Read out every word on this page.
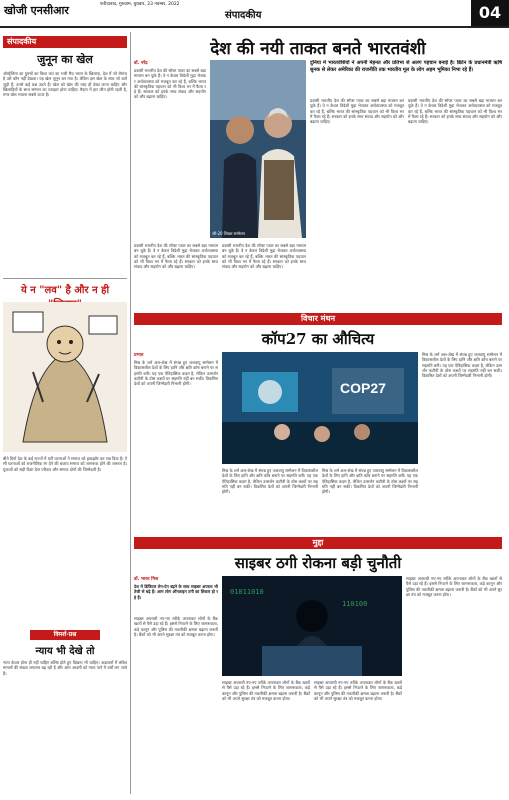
खोजी एनसीआर	फरीदाबाद, गुरुग्राम, बुधवार, 23 नवम्बर, 2022
संपादकीय	04
संपादकीय
जुनून का खेल

ऑस्ट्रेलिया का पुरुषों का विश्व कप का भारी मैच भारत के खिलाफ, देश में जो रोमांच है उसे कौन नहीं देखता। यह खेल जुनून बन गया है। लेकिन इस खेल के साथ जो बातें जुड़ी हैं, उनसे कई प्रश्न उठते हैं। खेल को खेल की तरह ही देखा जाना चाहिए और खिलाड़ियों के साथ सम्मान का व्यवहार होना चाहिए। मैदान में हार जीत होती रहती है, मगर खेल भावना सबसे ऊपर है।

ये न "लव" है और न ही

बीते दिनों देश के कई राज्यों में घटी घटनाओं ने समाज को झकझोर कर रख दिया है। ऐसी घटनाओं को राजनीतिक रंग देने की बजाय समाज को जागरूक होने की जरूरत है। युवाओं को सही दिशा देना परिवार और समाज दोनों की जिम्मेदारी है।

विमर्श-प्रश्न
न्याय भी देखे तो

न्याय केवल होना ही नहीं चाहिए बल्कि होते हुए दिखना भी चाहिए। अदालतों में लंबित मामलों की संख्या लगातार बढ़ रही है और आम आदमी को न्याय पाने में वर्षों लग जाते हैं।

देश की नयी ताकत बनते भारतवंशी
डॉ. नरेंद्र

प्रवासी भारतीय देश की सॉफ्ट पावर का सबसे बड़ा माध्यम बन चुके हैं। वे न केवल विदेशी मुद्रा भेजकर अर्थव्यवस्था को मजबूत कर रहे हैं, बल्कि भारत की सांस्कृतिक पहचान को भी विश्व भर में फैला रहे हैं। सरकार को इनके साथ संवाद और सहयोग को और बढ़ाना चाहिए।

जी-20 शिखर सम्मेलन

दुनिया में भारतवंशियों ने अपनी मेहनत और प्रतिभा से अलग पहचान बनाई है। ब्रिटेन के प्रधानमंत्री ऋषि सुनक से लेकर अमेरिका की राजनीति तक भारतीय मूल के लोग अहम भूमिका निभा रहे हैं।

प्रवासी भारतीय देश की सॉफ्ट पावर का सबसे बड़ा माध्यम बन चुके हैं। वे न केवल विदेशी मुद्रा भेजकर अर्थव्यवस्था को मजबूत कर रहे हैं, बल्कि भारत की सांस्कृतिक पहचान को भी विश्व भर में फैला रहे हैं। सरकार को इनके साथ संवाद और सहयोग को और बढ़ाना चाहिए।

प्रवासी भारतीय देश की सॉफ्ट पावर का सबसे बड़ा माध्यम बन चुके हैं। वे न केवल विदेशी मुद्रा भेजकर अर्थव्यवस्था को मजबूत कर रहे हैं, बल्कि भारत की सांस्कृतिक पहचान को भी विश्व भर में फैला रहे हैं। सरकार को इनके साथ संवाद और सहयोग को और बढ़ाना चाहिए।

प्रवासी भारतीय देश की सॉफ्ट पावर का सबसे बड़ा माध्यम बन चुके हैं। वे न केवल विदेशी मुद्रा भेजकर अर्थव्यवस्था को मजबूत कर रहे हैं, बल्कि भारत की सांस्कृतिक पहचान को भी विश्व भर में फैला रहे हैं। सरकार को इनके साथ संवाद और सहयोग को और बढ़ाना चाहिए।

प्रवासी भारतीय देश की सॉफ्ट पावर का सबसे बड़ा माध्यम बन चुके हैं। वे न केवल विदेशी मुद्रा भेजकर अर्थव्यवस्था को मजबूत कर रहे हैं, बल्कि भारत की सांस्कृतिक पहचान को भी विश्व भर में फैला रहे हैं। सरकार को इनके साथ संवाद और सहयोग को और बढ़ाना चाहिए।

विचार मंथन
कॉप27 का औचित्य
प्रभात

मिस्र के शर्म अल-शेख में संपन्न हुए जलवायु सम्मेलन में विकासशील देशों के लिए हानि और क्षति कोष बनाने पर सहमति बनी। यह एक ऐतिहासिक कदम है, लेकिन उत्सर्जन कटौती के ठोस लक्ष्यों पर सहमति नहीं बन सकी। विकसित देशों को अपनी जिम्मेदारी निभानी होगी।	COP27

मिस्र के शर्म अल-शेख में संपन्न हुए जलवायु सम्मेलन में विकासशील देशों के लिए हानि और क्षति कोष बनाने पर सहमति बनी। यह एक ऐतिहासिक कदम है, लेकिन उत्सर्जन कटौती के ठोस लक्ष्यों पर सहमति नहीं बन सकी। विकसित देशों को अपनी जिम्मेदारी निभानी होगी।

मिस्र के शर्म अल-शेख में संपन्न हुए जलवायु सम्मेलन में विकासशील देशों के लिए हानि और क्षति कोष बनाने पर सहमति बनी। यह एक ऐतिहासिक कदम है, लेकिन उत्सर्जन कटौती के ठोस लक्ष्यों पर सहमति नहीं बन सकी। विकसित देशों को अपनी जिम्मेदारी निभानी होगी।

मिस्र के शर्म अल-शेख में संपन्न हुए जलवायु सम्मेलन में विकासशील देशों के लिए हानि और क्षति कोष बनाने पर सहमति बनी। यह एक ऐतिहासिक कदम है, लेकिन उत्सर्जन कटौती के ठोस लक्ष्यों पर सहमति नहीं बन सकी। विकसित देशों को अपनी जिम्मेदारी निभानी होगी।

मुद्दा
साइबर ठगी रोकना बड़ी चुनौती
डॉ. भारत मिश्र

देश में डिजिटल लेन-देन बढ़ने के साथ साइबर अपराध भी तेजी से बढ़े हैं। आम लोग ऑनलाइन ठगी का शिकार हो रहे हैं।

साइबर अपराधी नए-नए तरीके अपनाकर लोगों के बैंक खातों से पैसे उड़ा रहे हैं। इससे निपटने के लिए जागरूकता, कड़े कानून और पुलिस की तकनीकी क्षमता बढ़ाना जरूरी है। बैंकों को भी अपने सुरक्षा तंत्र को मजबूत करना होगा।

01011010
110100

साइबर अपराधी नए-नए तरीके अपनाकर लोगों के बैंक खातों से पैसे उड़ा रहे हैं। इससे निपटने के लिए जागरूकता, कड़े कानून और पुलिस की तकनीकी क्षमता बढ़ाना जरूरी है। बैंकों को भी अपने सुरक्षा तंत्र को मजबूत करना होगा।

साइबर अपराधी नए-नए तरीके अपनाकर लोगों के बैंक खातों से पैसे उड़ा रहे हैं। इससे निपटने के लिए जागरूकता, कड़े कानून और पुलिस की तकनीकी क्षमता बढ़ाना जरूरी है। बैंकों को भी अपने सुरक्षा तंत्र को मजबूत करना होगा।

साइबर अपराधी नए-नए तरीके अपनाकर लोगों के बैंक खातों से पैसे उड़ा रहे हैं। इससे निपटने के लिए जागरूकता, कड़े कानून और पुलिस की तकनीकी क्षमता बढ़ाना जरूरी है। बैंकों को भी अपने सुरक्षा तंत्र को मजबूत करना होगा।
